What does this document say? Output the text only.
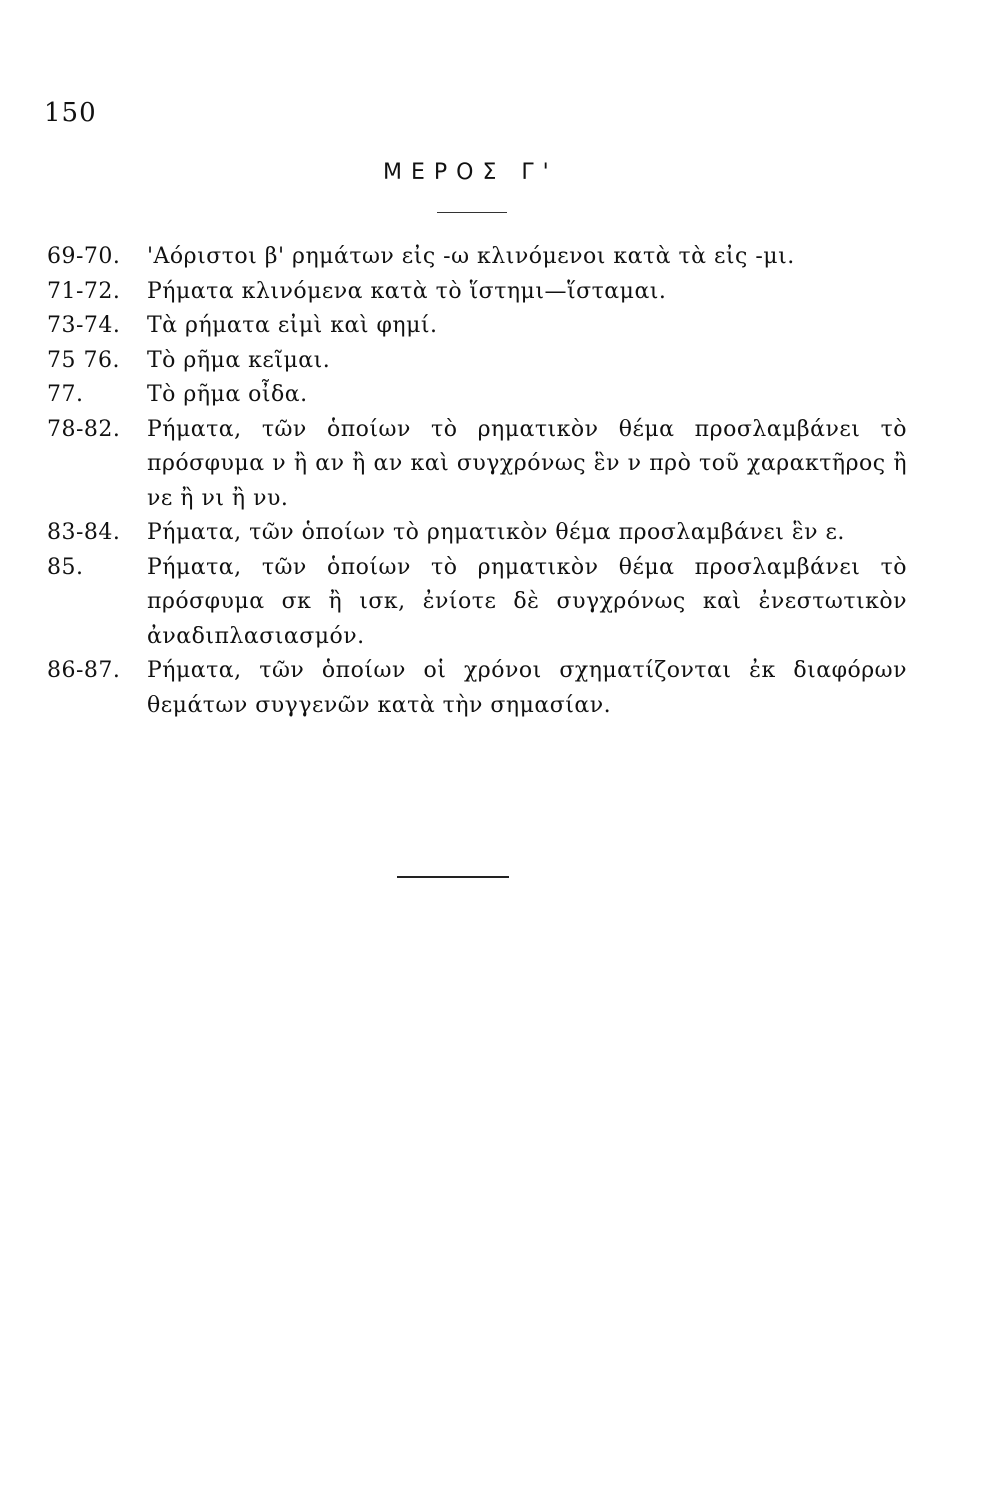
150
ΜΕΡΟΣ Γ'
69-70.	'Αόριστοι β' ρημάτων εἰς -ω κλινόμενοι κατὰ τὰ εἰς -μι.
71-72.	Ρήματα κλινόμενα κατὰ τὸ ἵστημι—ἵσταμαι.
73-74.	Τὰ ρήματα εἰμὶ καὶ φημί.
75 76.	Τὸ ρῆμα κεῖμαι.
77.	Τὸ ρῆμα οἶδα.
78-82.	Ρήματα, τῶν ὁποίων τὸ ρηματικὸν θέμα προσλαμβάνει τὸ πρόσφυμα ν ἢ αν ἢ αν καὶ συγχρόνως ἓν ν πρὸ τοῦ χαρακτῆρος ἢ νε ἢ νι ἢ νυ.
83-84.	Ρήματα, τῶν ὁποίων τὸ ρηματικὸν θέμα προσλαμβάνει ἓν ε.
85.	Ρήματα, τῶν ὁποίων τὸ ρηματικὸν θέμα προσλαμβάνει τὸ πρόσφυμα σκ ἢ ισκ, ἐνίοτε δὲ συγχρόνως καὶ ἐνεστωτικὸν ἀναδιπλασιασμόν.
86-87.	Ρήματα, τῶν ὁποίων οἱ χρόνοι σχηματίζονται ἐκ διαφόρων θεμάτων συγγενῶν κατὰ τὴν σημασίαν.
